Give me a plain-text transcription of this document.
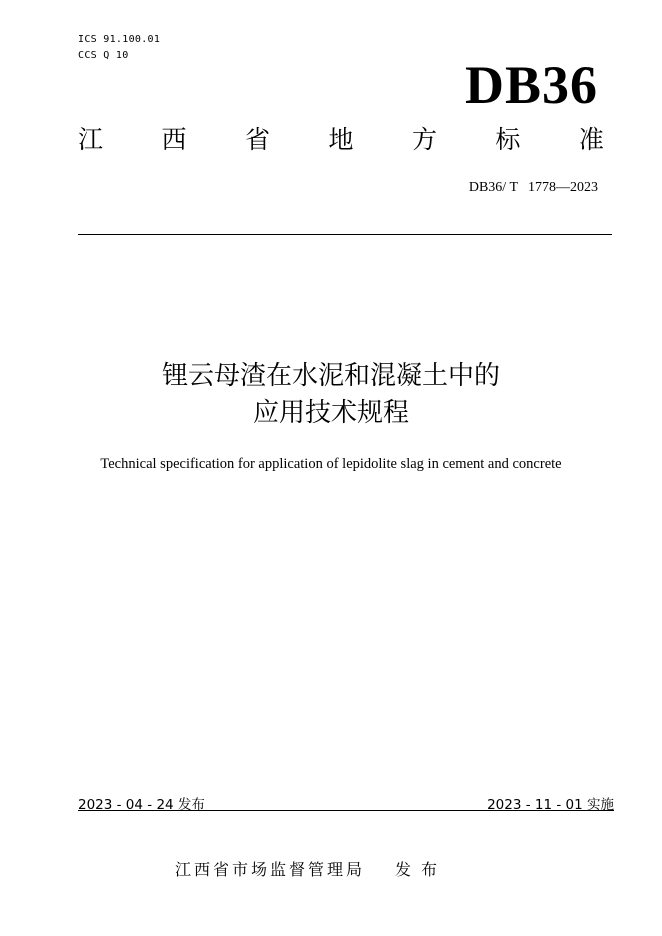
ICS 91.100.01
CCS Q 10	DB36
江 西 省 地 方 标 准
DB36/ T 1778—2023
锂云母渣在水泥和混凝土中的
应用技术规程
Technical specification for application of lepidolite slag in cement and concrete
2023 - 04 - 24 发布	2023 - 11 - 01 实施
江西省市场监督管理局 发布
